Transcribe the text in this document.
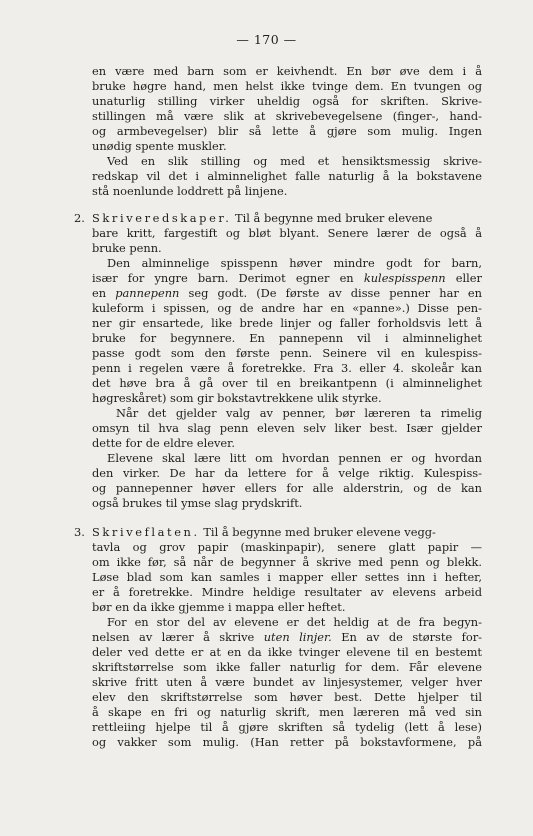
— 170 —
en være med barn som er keivhendt. En bør øve dem i å
bruke høgre hand, men helst ikke tvinge dem. En tvungen og
unaturlig stilling virker uheldig også for skriften. Skrive-
stillingen må være slik at skrivebevegelsene (finger-, hand-
og armbevegelser) blir så lette å gjøre som mulig. Ingen
unødig spente muskler.
Ved en slik stilling og med et hensiktsmessig skrive-
redskap vil det i alminnelighet falle naturlig å la bokstavene
stå noenlunde loddrett på linjene.
2. Skriveredskaper. Til å begynne med bruker elevene
bare kritt, fargestift og bløt blyant. Senere lærer de også å
bruke penn.
Den alminnelige spisspenn høver mindre godt for barn,
især for yngre barn. Derimot egner en kulespisspenn eller
en pannepenn seg godt. (De første av disse penner har en
kuleform i spissen, og de andre har en «panne».) Disse pen-
ner gir ensartede, like brede linjer og faller forholdsvis lett å
bruke for begynnere. En pannepenn vil i alminnelighet
passe godt som den første penn. Seinere vil en kulespiss-
penn i regelen være å foretrekke. Fra 3. eller 4. skoleår kan
det høve bra å gå over til en breikantpenn (i alminnelighet
høgreskåret) som gir bokstavtrekkene ulik styrke.
Når det gjelder valg av penner, bør læreren ta rimelig
omsyn til hva slag penn eleven selv liker best. Især gjelder
dette for de eldre elever.
Elevene skal lære litt om hvordan pennen er og hvordan
den virker. De har da lettere for å velge riktig. Kulespiss-
og pannepenner høver ellers for alle alderstrin, og de kan
også brukes til ymse slag prydskrift.
3. Skriveflaten. Til å begynne med bruker elevene vegg-
tavla og grov papir (maskinpapir), senere glatt papir —
om ikke før, så når de begynner å skrive med penn og blekk.
Løse blad som kan samles i mapper eller settes inn i hefter,
er å foretrekke. Mindre heldige resultater av elevens arbeid
bør en da ikke gjemme i mappa eller heftet.
For en stor del av elevene er det heldig at de fra begyn-
nelsen av lærer å skrive uten linjer. En av de største for-
deler ved dette er at en da ikke tvinger elevene til en bestemt
skriftstørrelse som ikke faller naturlig for dem. Får elevene
skrive fritt uten å være bundet av linjesystemer, velger hver
elev den skriftstørrelse som høver best. Dette hjelper til
å skape en fri og naturlig skrift, men læreren må ved sin
rettleiing hjelpe til å gjøre skriften så tydelig (lett å lese)
og vakker som mulig. (Han retter på bokstavformene, på
